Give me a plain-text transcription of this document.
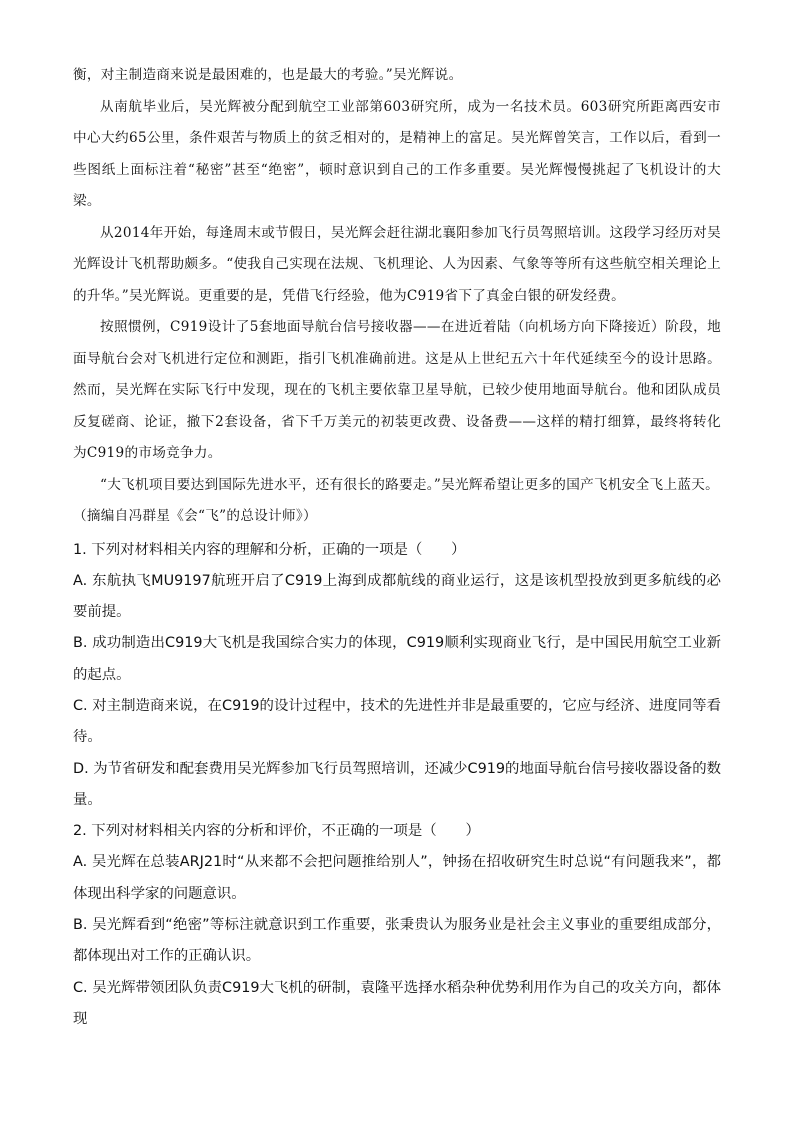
衡，对主制造商来说是最困难的，也是最大的考验。”吴光辉说。

从南航毕业后，吴光辉被分配到航空工业部第603研究所，成为一名技术员。603研究所距离西安市中心大约65公里，条件艰苦与物质上的贫乏相对的，是精神上的富足。吴光辉曾笑言，工作以后，看到一些图纸上面标注着“秘密”甚至“绝密”，顿时意识到自己的工作多重要。吴光辉慢慢挑起了飞机设计的大梁。

从2014年开始，每逢周末或节假日，吴光辉会赶往湖北襄阳参加飞行员驾照培训。这段学习经历对吴光辉设计飞机帮助颇多。“使我自己实现在法规、飞机理论、人为因素、气象等等所有这些航空相关理论上的升华。”吴光辉说。更重要的是，凭借飞行经验，他为C919省下了真金白银的研发经费。

按照惯例，C919设计了5套地面导航台信号接收器——在进近着陆（向机场方向下降接近）阶段，地面导航台会对飞机进行定位和测距，指引飞机准确前进。这是从上世纪五六十年代延续至今的设计思路。然而，吴光辉在实际飞行中发现，现在的飞机主要依靠卫星导航，已较少使用地面导航台。他和团队成员反复磋商、论证，撤下2套设备，省下千万美元的初装更改费、设备费——这样的精打细算，最终将转化为C919的市场竞争力。

“大飞机项目要达到国际先进水平，还有很长的路要走。”吴光辉希望让更多的国产飞机安全飞上蓝天。

（摘编自冯群星《会“飞”的总设计师》）

1. 下列对材料相关内容的理解和分析，正确的一项是（　　）

A. 东航执飞MU9197航班开启了C919上海到成都航线的商业运行，这是该机型投放到更多航线的必要前提。

B. 成功制造出C919大飞机是我国综合实力的体现，C919顺利实现商业飞行，是中国民用航空工业新的起点。

C. 对主制造商来说，在C919的设计过程中，技术的先进性并非是最重要的，它应与经济、进度同等看待。

D. 为节省研发和配套费用吴光辉参加飞行员驾照培训，还减少C919的地面导航台信号接收器设备的数量。

2. 下列对材料相关内容的分析和评价，不正确的一项是（　　）

A. 吴光辉在总装ARJ21时“从来都不会把问题推给别人”，钟扬在招收研究生时总说“有问题我来”，都体现出科学家的问题意识。

B. 吴光辉看到“绝密”等标注就意识到工作重要，张秉贵认为服务业是社会主义事业的重要组成部分，都体现出对工作的正确认识。

C. 吴光辉带领团队负责C919大飞机的研制，袁隆平选择水稻杂种优势利用作为自己的攻关方向，都体现
